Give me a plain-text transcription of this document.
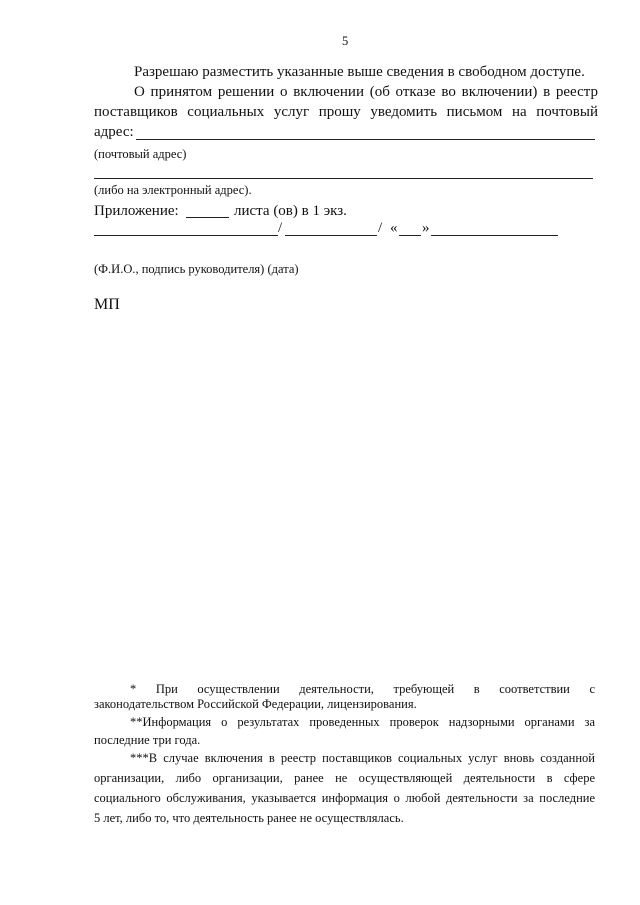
5
Разрешаю разместить указанные выше сведения в свободном доступе.
О принятом решении о включении (об отказе во включении) в реестр
поставщиков социальных услуг прошу уведомить письмом на почтовый
адрес:
(почтовый адрес)
(либо на электронный адрес).
Приложение:	листа (ов) в 1 экз.
/	/ « »
(Ф.И.О., подпись руководителя) (дата)
МП
* При осуществлении деятельности, требующей в соответствии с
законодательством Российской Федерации, лицензирования.
**Информация о результатах проведенных проверок надзорными органами за
последние три года.
***В случае включения в реестр поставщиков социальных услуг вновь созданной
организации, либо организации, ранее не осуществляющей деятельности в сфере
социального обслуживания, указывается информация о любой деятельности за последние
5 лет, либо то, что деятельность ранее не осуществлялась.
